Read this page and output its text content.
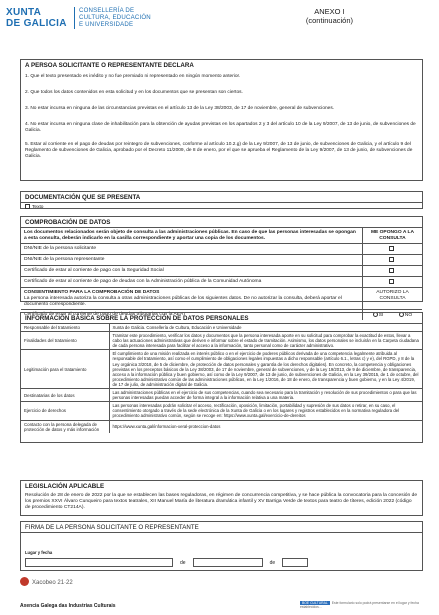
XUNTA
DE GALICIA
CONSELLERÍA DE
CULTURA, EDUCACIÓN
E UNIVERSIDADE
ANEXO I
(continuación)
A PERSOA SOLICITANTE O REPRESENTANTE DECLARA
1. Que el texto presentado es inédito y no fue premiado ni representado en ningún momento anterior.
2. Que todos los datos contenidos en esta solicitud y en los documentos que se presentan son ciertos.
3. No estar incursa en ninguna de las circunstancias previstas en el artículo 13 de la Ley 38/2003, de 17 de noviembre, general de subvenciones.
4. No estar incursa en ninguna clase de inhabilitación para la obtención de ayudas previstas en los apartados 2 y 3 del artículo 10 de la Ley 9/2007, de 13 de junio, de subvenciones de Galicia.
5. Estar al corriente en el pago de deudas por reintegro de subvenciones, conforme al artículo 10.2.g) de la Ley 9/2007, de 13 de junio, de subvenciones de Galicia, y el artículo 9 del Reglamento de subvenciones de Galicia, aprobado por el Decreto 11/2009, de 8 de enero, por el que se aprueba el Reglamento de la Ley 9/2007, de 13 de junio, de subvenciones de Galicia.
DOCUMENTACIÓN QUE SE PRESENTA
Texto
COMPROBACIÓN DE DATOS
Los documentos relacionados serán objeto de consulta a las administraciones públicas. En caso de que las personas interesadas se opongan a esta consulta, deberán indicarlo en la casilla correspondiente y aportar una copia de los documentos.
ME OPONGO A LA CONSULTA
DNI/NIE de la persona solicitante
DNI/NIE de la persona representante
Certificado de estar al corriente de pago con la Seguridad Social
Certificado de estar al corriente de pago de deudas con la Administración pública de la Comunidad Autónoma
CONSENTIMIENTO PARA LA COMPROBACIÓN DE DATOS
La persona interesada autoriza la consulta a otras administraciones públicas de los siguientes datos. De no autorizar la consulta, deberá aportar el documento correspondiente.
AUTORIZO LA CONSULTA
Certificado de estar al corriente de pago de deudas tributarias con la AEAT	SÍ	NO
INFORMACIÓN BÁSICA SOBRE LA PROTECCIÓN DE DATOS PERSONALES
Responsable del tratamiento	Xunta de Galicia. Consellería de Cultura, Educación e Universidade
Finalidades del tratamiento	Tramitar este procedimiento, verificar los datos y documentos que la persona interesada aporte en su solicitud para comprobar la exactitud de estos, llevar a cabo las actuaciones administrativas que deriven e informar sobre el estado de tramitación. Asimismo, los datos personales se incluirán en la Carpeta ciudadana de cada persona interesada para facilitar el acceso a la información, tanto personal como de carácter administrativo.
Legitimación para el tratamiento	El cumplimiento de una misión realizada en interés público o en el ejercicio de poderes públicos derivada de una competencia legalmente atribuida al responsable del tratamiento, así como el cumplimiento de obligaciones legales impuestas a dicho responsable (artículo 6.1., letras c) y e), del RGPD, y 8 de la Ley orgánica 3/2018, de 5 de diciembre, de protección de datos personales y garantía de los derechos digitales). En concreto, la competencia y obligaciones previstas en los preceptos básicos de la Ley 38/2003, de 17 de noviembre, general de subvenciones, y de la Ley 19/2013, de 9 de diciembre, de transparencia, acceso a la información pública y buen gobierno, así como de la Ley 9/2007, de 13 de junio, de subvenciones de Galicia, en la Ley 39/2015, de 1 de octubre, del procedimiento administrativo común de las administraciones públicas, en la Ley 1/2016, de 18 de enero, de transparencia y buen gobierno, y en la Ley 4/2019, de 17 de julio, de administración digital de Galicia.
Destinatarias de los datos	Las administraciones públicas en el ejercicio de sus competencias, cuando sea necesario para la tramitación y resolución de sus procedimientos o para que las personas interesadas puedan acceder de forma integral a la información relativa a una materia.
Ejercicio de derechos	Las personas interesadas podrán solicitar el acceso, rectificación, oposición, limitación, portabilidad y supresión de sus datos o retirar, en su caso, el consentimiento otorgado a través de la sede electrónica de la Xunta de Galicia o en los lugares y registros establecidos en la normativa reguladora del procedimiento administrativo común, según se recoge en: https://www.xunta.gal/exercicio-de-dereitos
Contacto con la persona delegada de protección de datos y más información	https://www.xunta.gal/informacion-xeral-proteccion-datos
LEGISLACIÓN APLICABLE
Resolución de 28 de enero de 2022 por la que se establecen las bases reguladoras, en régimen de concurrencia competitiva, y se hace pública la convocatoria para la concesión de los premios XXVI Álvaro Cunqueiro para textos teatrales, XII Manuel María de literatura dramática infantil y XV Barriga Verde de textos para teatro de títeres, edición 2022 (código de procedimiento CT214A).
FIRMA DE LA PERSONA SOLICITANTE O REPRESENTANTE
Lugar y fecha
de	de
Xacobeo 21·22
Axencia Galega das Industrias Culturais	BOE CULTURAL Este formulario solo podrá presentarse en el lugar y fecha establecidos...
